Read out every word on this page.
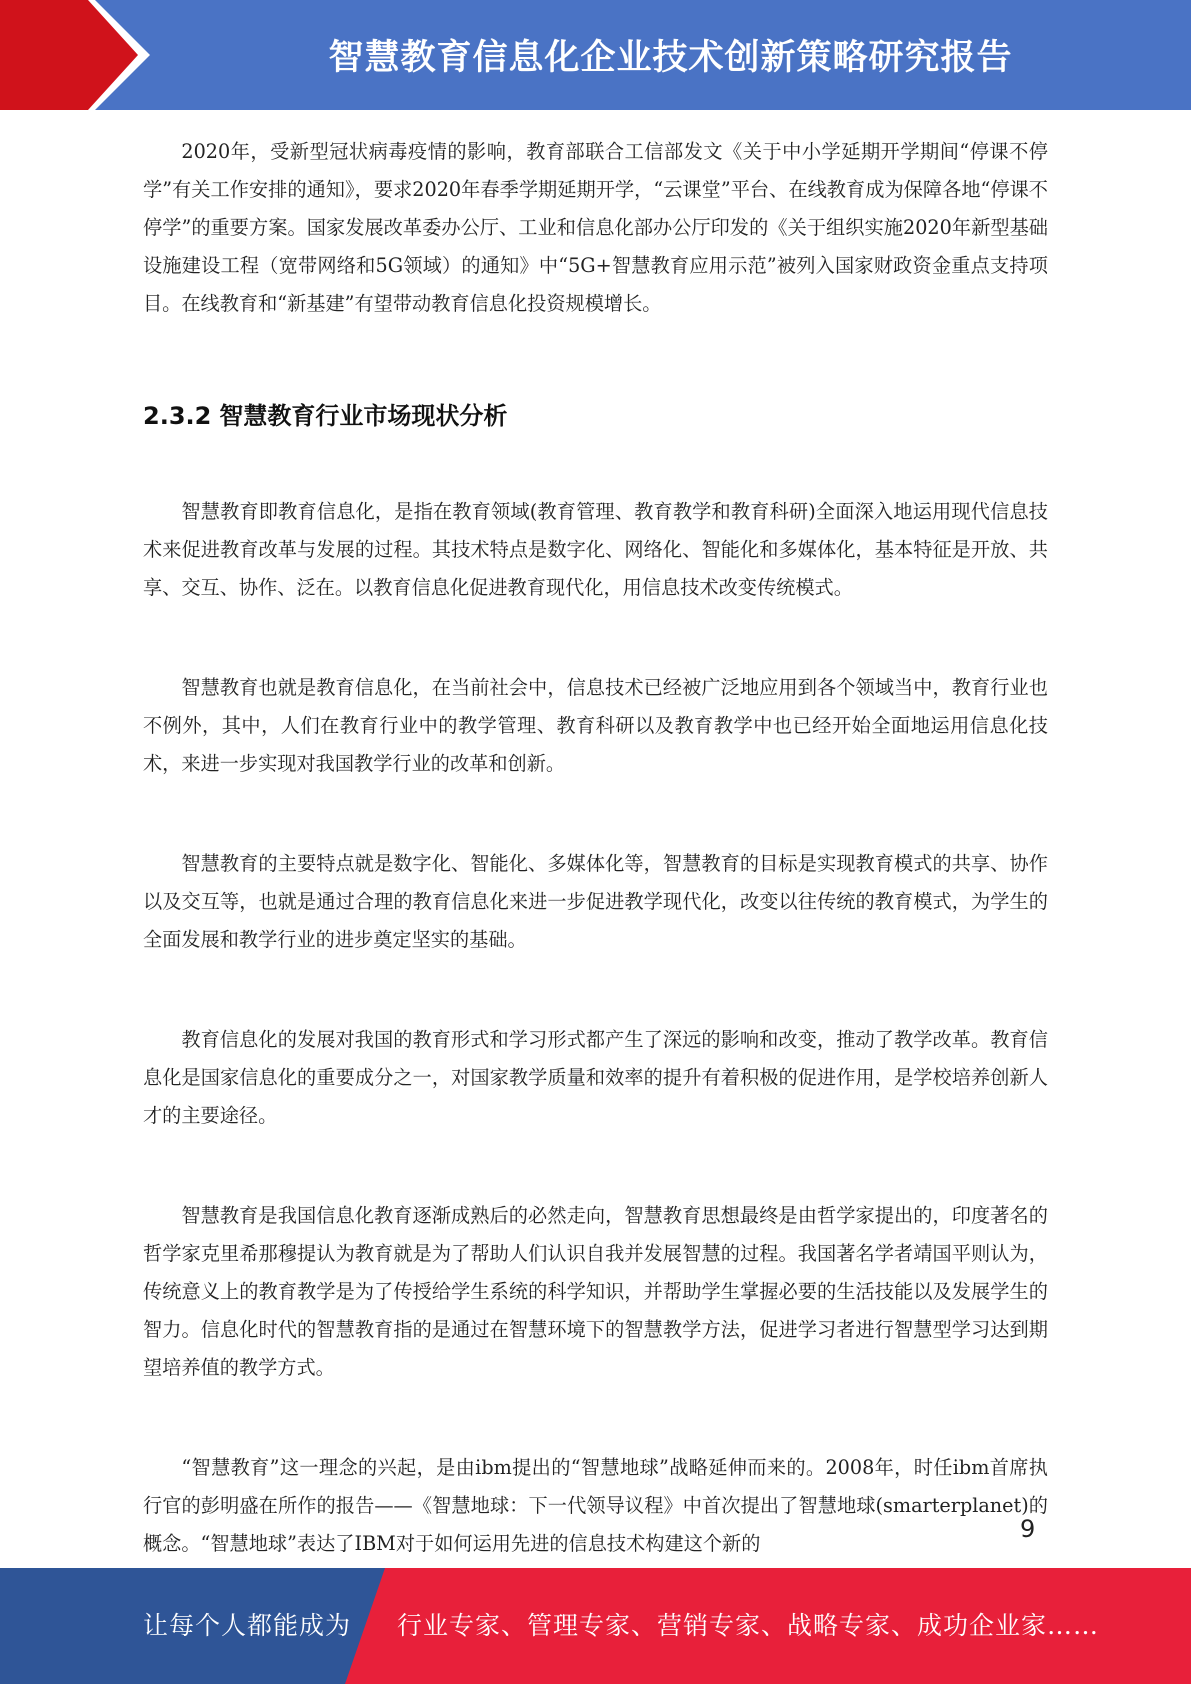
智慧教育信息化企业技术创新策略研究报告

2020年，受新型冠状病毒疫情的影响，教育部联合工信部发文《关于中小学延期开学期间“停课不停学”有关工作安排的通知》，要求2020年春季学期延期开学，“云课堂”平台、在线教育成为保障各地“停课不停学”的重要方案。国家发展改革委办公厅、工业和信息化部办公厅印发的《关于组织实施2020年新型基础设施建设工程（宽带网络和5G领域）的通知》中“5G+智慧教育应用示范”被列入国家财政资金重点支持项目。在线教育和“新基建”有望带动教育信息化投资规模增长。

2.3.2 智慧教育行业市场现状分析

智慧教育即教育信息化，是指在教育领域(教育管理、教育教学和教育科研)全面深入地运用现代信息技术来促进教育改革与发展的过程。其技术特点是数字化、网络化、智能化和多媒体化，基本特征是开放、共享、交互、协作、泛在。以教育信息化促进教育现代化，用信息技术改变传统模式。

智慧教育也就是教育信息化，在当前社会中，信息技术已经被广泛地应用到各个领域当中，教育行业也不例外，其中，人们在教育行业中的教学管理、教育科研以及教育教学中也已经开始全面地运用信息化技术，来进一步实现对我国教学行业的改革和创新。

智慧教育的主要特点就是数字化、智能化、多媒体化等，智慧教育的目标是实现教育模式的共享、协作以及交互等，也就是通过合理的教育信息化来进一步促进教学现代化，改变以往传统的教育模式，为学生的全面发展和教学行业的进步奠定坚实的基础。

教育信息化的发展对我国的教育形式和学习形式都产生了深远的影响和改变，推动了教学改革。教育信息化是国家信息化的重要成分之一，对国家教学质量和效率的提升有着积极的促进作用，是学校培养创新人才的主要途径。

智慧教育是我国信息化教育逐渐成熟后的必然走向，智慧教育思想最终是由哲学家提出的，印度著名的哲学家克里希那穆提认为教育就是为了帮助人们认识自我并发展智慧的过程。我国著名学者靖国平则认为，传统意义上的教育教学是为了传授给学生系统的科学知识，并帮助学生掌握必要的生活技能以及发展学生的智力。信息化时代的智慧教育指的是通过在智慧环境下的智慧教学方法，促进学习者进行智慧型学习达到期望培养值的教学方式。

“智慧教育”这一理念的兴起，是由ibm提出的“智慧地球”战略延伸而来的。2008年，时任ibm首席执行官的彭明盛在所作的报告——《智慧地球：下一代领导议程》中首次提出了智慧地球(smarterplanet)的概念。“智慧地球”表达了IBM对于如何运用先进的信息技术构建这个新的

9
让每个人都能成为 行业专家、管理专家、营销专家、战略专家、成功企业家……
